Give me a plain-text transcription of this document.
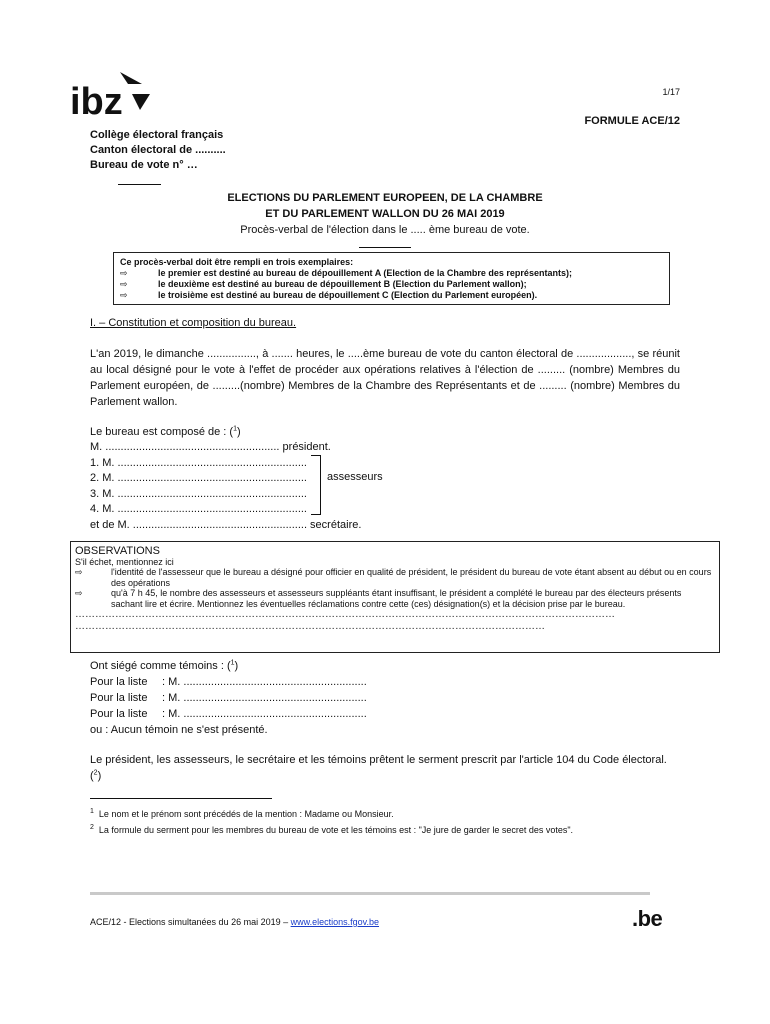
ibz	1/17
FORMULE ACE/12
Collège électoral français
Canton électoral de ..........
Bureau de vote n° …
ELECTIONS DU PARLEMENT EUROPEEN, DE LA CHAMBRE
ET DU PARLEMENT WALLON DU 26 MAI 2019
Procès-verbal de l'élection dans le ..... ème bureau de vote.
Ce procès-verbal doit être rempli en trois exemplaires:
⇨	le premier est destiné au bureau de dépouillement A (Election de la Chambre des représentants);
⇨	le deuxième est destiné au bureau de dépouillement B (Election du Parlement wallon);
⇨	le troisième est destiné au bureau de dépouillement C (Election du Parlement européen).
I. – Constitution et composition du bureau.
L'an 2019, le dimanche ................, à ....... heures, le .....ème bureau de vote du canton électoral de .................., se réunit au local désigné pour le vote à l'effet de procéder aux opérations relatives à l'élection de ......... (nombre) Membres du Parlement européen, de .........(nombre) Membres de la Chambre des Représentants et de ......... (nombre) Membres du Parlement wallon.
Le bureau est composé de : ($^1$)
M. ......................................................... président.
1. M. ..............................................................
2. M. ..............................................................
3. M. ..............................................................
4. M. ..............................................................
et de M. ......................................................... secrétaire.
assesseurs
OBSERVATIONS
S'il échet, mentionnez ici
⇨	l'identité de l'assesseur que le bureau a désigné pour officier en qualité de président, le président du bureau de vote étant absent au début ou en cours des opérations
⇨	qu'à 7 h 45, le nombre des assesseurs et assesseurs suppléants étant insuffisant, le président a complété le bureau par des électeurs présents sachant lire et écrire. Mentionnez les éventuelles réclamations contre cette (ces) désignation(s) et la décision prise par le bureau.
………………………………………………………………………………………………………………………………………………
……………………………………………………………………………………………………………………………
Ont siégé comme témoins : ($^1$)
Pour la liste	: M. ............................................................
Pour la liste	: M. ............................................................
Pour la liste	: M. ............................................................
ou : Aucun témoin ne s'est présenté.
Le président, les assesseurs, le secrétaire et les témoins prêtent le serment prescrit par l'article 104 du Code électoral.
($^2$)
$^1$ Le nom et le prénom sont précédés de la mention : Madame ou Monsieur.
$^2$ La formule du serment pour les membres du bureau de vote et les témoins est : "Je jure de garder le secret des votes".
ACE/12 - Elections simultanées du 26 mai 2019 – www.elections.fgov.be	.be
